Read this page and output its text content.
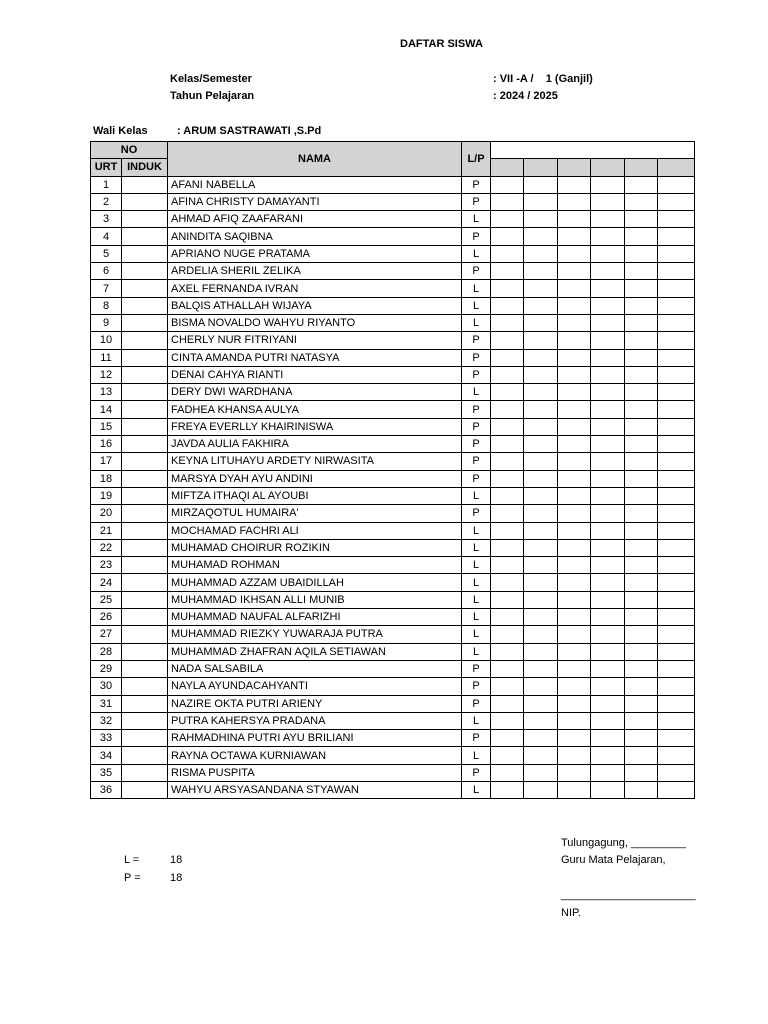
DAFTAR SISWA
Kelas/Semester	: VII -A /    1 (Ganjil)
Tahun Pelajaran	: 2024 / 2025
Wali Kelas	: ARUM SASTRAWATI ,S.Pd
NO		NAMA	L/P						
URT	INDUK								
1		AFANI NABELLA	P						
2		AFINA CHRISTY DAMAYANTI	P						
3		AHMAD AFIQ ZAAFARANI	L						
4		ANINDITA SAQIBNA	P						
5		APRIANO NUGE PRATAMA	L						
6		ARDELIA SHERIL ZELIKA	P						
7		AXEL FERNANDA IVRAN	L						
8		BALQIS ATHALLAH WIJAYA	L						
9		BISMA NOVALDO WAHYU RIYANTO	L						
10		CHERLY NUR FITRIYANI	P						
11		CINTA AMANDA PUTRI NATASYA	P						
12		DENAI CAHYA RIANTI	P						
13		DERY DWI WARDHANA	L						
14		FADHEA KHANSA AULYA	P						
15		FREYA EVERLLY KHAIRINISWA	P						
16		JAVDA AULIA FAKHIRA	P						
17		KEYNA LITUHAYU ARDETY NIRWASITA	P						
18		MARSYA DYAH AYU ANDINI	P						
19		MIFTZA ITHAQI AL AYOUBI	L						
20		MIRZAQOTUL HUMAIRA'	P						
21		MOCHAMAD FACHRI ALI	L						
22		MUHAMAD CHOIRUR ROZIKIN	L						
23		MUHAMAD ROHMAN	L						
24		MUHAMMAD AZZAM UBAIDILLAH	L						
25		MUHAMMAD IKHSAN ALLI MUNIB	L						
26		MUHAMMAD NAUFAL ALFARIZHI	L						
27		MUHAMMAD RIEZKY YUWARAJA PUTRA	L						
28		MUHAMMAD ZHAFRAN AQILA SETIAWAN	L						
29		NADA SALSABILA	P						
30		NAYLA AYUNDACAHYANTI	P						
31		NAZIRE OKTA PUTRI ARIENY	P						
32		PUTRA KAHERSYA PRADANA	L						
33		RAHMADHINA PUTRI AYU BRILIANI	P						
34		RAYNA OCTAWA KURNIAWAN	L						
35		RISMA PUSPITA	P						
36		WAHYU ARSYASANDANA STYAWAN	L						
L =	18
P =	18
Tulungagung, _________
Guru Mata Pelajaran,
______________________
NIP.
